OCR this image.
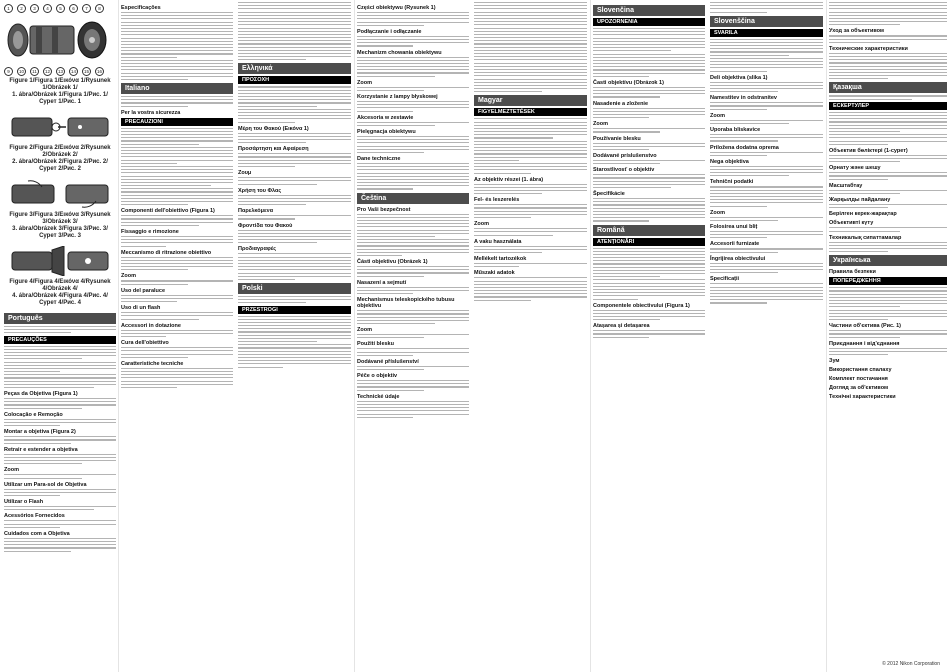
1	2	3	4	5	6	7	8
9	10	11	12	13	14	15	16
Figure 1/Figura 1/Εικόνα 1/Rysunek 1/Obrázek 1/
1. ábra/Obrázek 1/Figura 1/Рис. 1/Сурет 1/Рис. 1
Figure 2/Figura 2/Εικόνα 2/Rysunek 2/Obrázek 2/
2. ábra/Obrázek 2/Figura 2/Рис. 2/Сурет 2/Рис. 2
Figure 3/Figura 3/Εικόνα 3/Rysunek 3/Obrázek 3/
3. ábra/Obrázek 3/Figura 3/Рис. 3/Сурет 3/Рис. 3
Figure 4/Figura 4/Εικόνα 4/Rysunek 4/Obrázek 4/
4. ábra/Obrázek 4/Figura 4/Рис. 4/Сурет 4/Рис. 4
Português
PRECAUÇÕES
Peças da Objetiva (Figura 1)
Colocação e Remoção
Montar a objetiva (Figura 2)
Retrair e estender a objetiva
Zoom
Utilizar um Para-sol de Objetiva
Utilizar o Flash
Acessórios Fornecidos
Cuidados com a Objetiva
Especificações
Italiano
Per la vostra sicurezza
PRECAUZIONI
Componenti dell'obiettivo (Figura 1)
Fissaggio e rimozione
Meccanismo di ritrazione obiettivo
Zoom
Uso del paraluce
Uso di un flash
Accessori in dotazione
Cura dell'obiettivo
Caratteristiche tecniche
Ελληνικά
ΠΡΟΣΟΧΗ
Μέρη του Φακού (Εικόνα 1)
Προσάρτηση και Αφαίρεση
Ζουμ
Χρήση του Φλας
Παρελκόμενα
Φροντίδα του Φακού
Προδιαγραφές
Polski
PRZESTROGI
Części obiektywu (Rysunek 1)
Podłączanie i odłączanie
Mechanizm chowania obiektywu
Zoom
Korzystanie z lampy błyskowej
Akcesoria w zestawie
Pielęgnacja obiektywu
Dane techniczne
Čeština
Pro Vaši bezpečnost
Části objektivu (Obrázek 1)
Nasazení a sejmutí
Mechanismus teleskopického tubusu objektivu
Zoom
Použití blesku
Dodávané příslušenství
Péče o objektiv
Technické údaje
Magyar
FIGYELMEZTETÉSEK
Az objektív részei (1. ábra)
Fel- és leszerelés
Zoom
A vaku használata
Mellékelt tartozékok
Műszaki adatok
Slovenčina
UPOZORNENIA
Časti objektívu (Obrázok 1)
Nasadenie a zloženie
Zoom
Používanie blesku
Dodávané príslušenstvo
Starostlivosť o objektív
Špecifikácie
Română
ATENȚIONĂRI
Componentele obiectivului (Figura 1)
Atașarea și detașarea
Slovenščina
SVARILA
Deli objektiva (slika 1)
Namestitev in odstranitev
Zoom
Uporaba bliskavice
Priložena dodatna oprema
Nega objektiva
Tehnični podatki
Zoom
Folosirea unui bliț
Accesorii furnizate
Îngrijirea obiectivului
Specificații
Уход за объективом
Технические характеристики
Қазақша
ЕСКЕРТУЛЕР
Объектив бөліктері (1-сурет)
Орнату және шешу
Масштабтау
Жарқылды пайдалану
Берілген керек-жарақтар
Объективті күту
Техникалық сипаттамалар
Українська
Правила безпеки
ПОПЕРЕДЖЕННЯ
Частини об'єктива (Рис. 1)
Приєднання і від'єднання
Зум
Використання спалаху
Комплект постачання
Догляд за об'єктивом
Технічні характеристики
© 2012 Nikon Corporation
